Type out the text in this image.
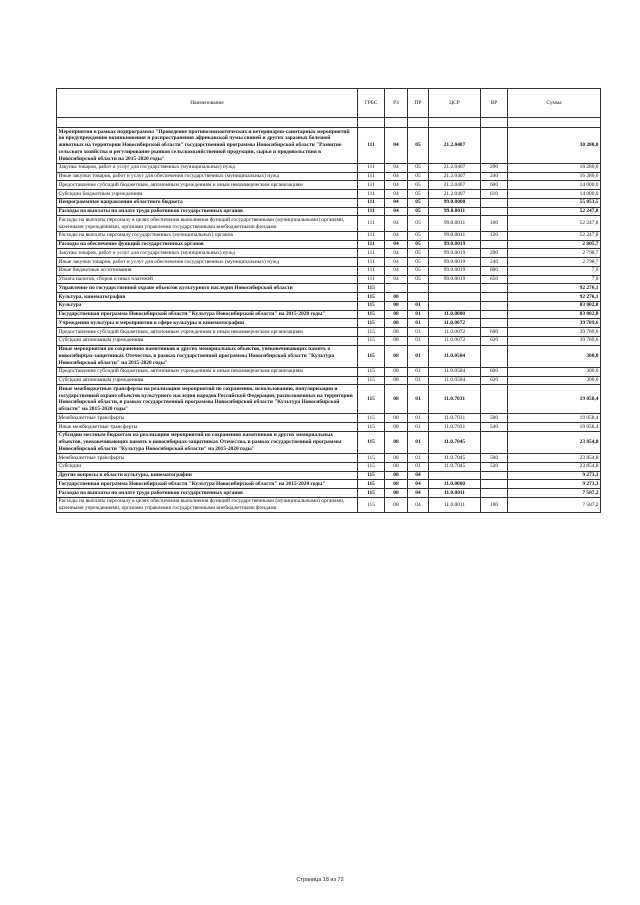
Наименование	ГРБС	РЗ	ПР	ЦСР	ВР	Сумма

Мероприятия в рамках подпрограммы "Проведение противоэпизоотических и ветеринарно-санитарных мероприятий по предупреждению возникновения и распространения африканской чумы свиней и других заразных болезней животных на территории Новосибирской области" государственной программы Новосибирской области "Развитие сельского хозяйства и регулирование рынков сельскохозяйственной продукции, сырья и продовольствия в Новосибирской области на 2015-2020 годы"	111	04	05	21.2.0407		30 280,0
Закупка товаров, работ и услуг для государственных (муниципальных) нужд	111	04	05	21.2.0407	200	16 280,0
Иные закупки товаров, работ и услуг для обеспечения государственных (муниципальных) нужд	111	04	05	21.2.0407	240	16 280,0
Предоставление субсидий бюджетным, автономным учреждениям и иным некоммерческим организациям	111	04	05	21.2.0407	600	14 000,0
Субсидии бюджетным учреждениям	111	04	05	21.2.0407	610	14 000,0
Непрограммные направления областного бюджета	111	04	05	99.0.0000		55 053,5
Расходы на выплаты по оплате труда работников государственных органов	111	04	05	99.0.0011		52 247,8
Расходы на выплаты персоналу в целях обеспечения выполнения функций государственными (муниципальными) органами, казенными учреждениями, органами управления государственными внебюджетными фондами	111	04	05	99.0.0011	100	52 247,8
Расходы на выплаты персоналу государственных (муниципальных) органов	111	04	05	99.0.0011	120	52 247,8
Расходы на обеспечение функций государственных органов	111	04	05	99.0.0019		2 805,7
Закупка товаров, работ и услуг для государственных (муниципальных) нужд	111	04	05	99.0.0019	200	2 798,7
Иные закупки товаров, работ и услуг для обеспечения государственных (муниципальных) нужд	111	04	05	99.0.0019	240	2 798,7
Иные бюджетные ассигнования	111	04	05	99.0.0019	800	7,0
Уплата налогов, сборов и иных платежей	111	04	05	99.0.0019	850	7,0
Управление по государственной охране объектов культурного наследия Новосибирской области	115					92 276,1
Культура, кинематография	115	08				92 276,1
Культура	115	08	01			83 002,8
Государственная программа Новосибирской области "Культура Новосибирской области" на 2015-2020 годы"	115	08	01	11.0.0000		83 002,8
Учреждения культуры и мероприятия в сфере культуры и кинематографии	115	08	01	11.0.0072		39 789,6
Предоставление субсидий бюджетным, автономным учреждениям и иным некоммерческим организациям	115	08	01	11.0.0072	600	39 789,6
Субсидии автономным учреждениям	115	08	01	11.0.0072	620	39 789,6
Иные мероприятия по сохранению памятников и других мемориальных объектов, увековечивающих память о новосибирцах-защитниках Отечества, в рамках государственной программы Новосибирской области "Культура Новосибирской области" на 2015-2020 годы"	115	08	01	11.0.0504		300,0
Предоставление субсидий бюджетным, автономным учреждениям и иным некоммерческим организациям	115	08	01	11.0.0504	600	300,0
Субсидии автономным учреждениям	115	08	01	11.0.0504	620	300,0
Иные межбюджетные трансферты на реализацию мероприятий по сохранению, использованию, популяризации и государственной охране объектов культурного наследия народов Российской Федерации, расположенных на территории Новосибирской области, в рамках государственной программы Новосибирской области "Культура Новосибирской области" на 2015-2020 годы"	115	08	01	11.0.7031		19 058,4
Межбюджетные трансферты	115	08	01	11.0.7031	500	19 058,4
Иные межбюджетные трансферты	115	08	01	11.0.7031	540	19 058,4
Субсидии местным бюджетам на реализацию мероприятий по сохранению памятников и других мемориальных объектов, увековечивающих память о новосибирцах-защитниках Отечества, в рамках государственной программы Новосибирской области "Культура Новосибирской области" на 2015-2020 годы"	115	08	01	11.0.7045		23 854,8
Межбюджетные трансферты	115	08	01	11.0.7045	500	23 854,8
Субсидии	115	08	01	11.0.7045	520	23 854,8
Другие вопросы в области культуры, кинематографии	115	08	04			9 273,3
Государственная программа Новосибирской области "Культура Новосибирской области" на 2015-2020 годы"	115	08	04	11.0.0000		9 273,3
Расходы на выплаты по оплате труда работников государственных органов	115	08	04	11.0.0011		7 587,2
Расходы на выплаты персоналу в целях обеспечения выполнения функций государственными (муниципальными) органами, казенными учреждениями, органами управления государственными внебюджетными фондами	115	08	04	11.0.0011	100	7 587,2
Страница 18 из 72
